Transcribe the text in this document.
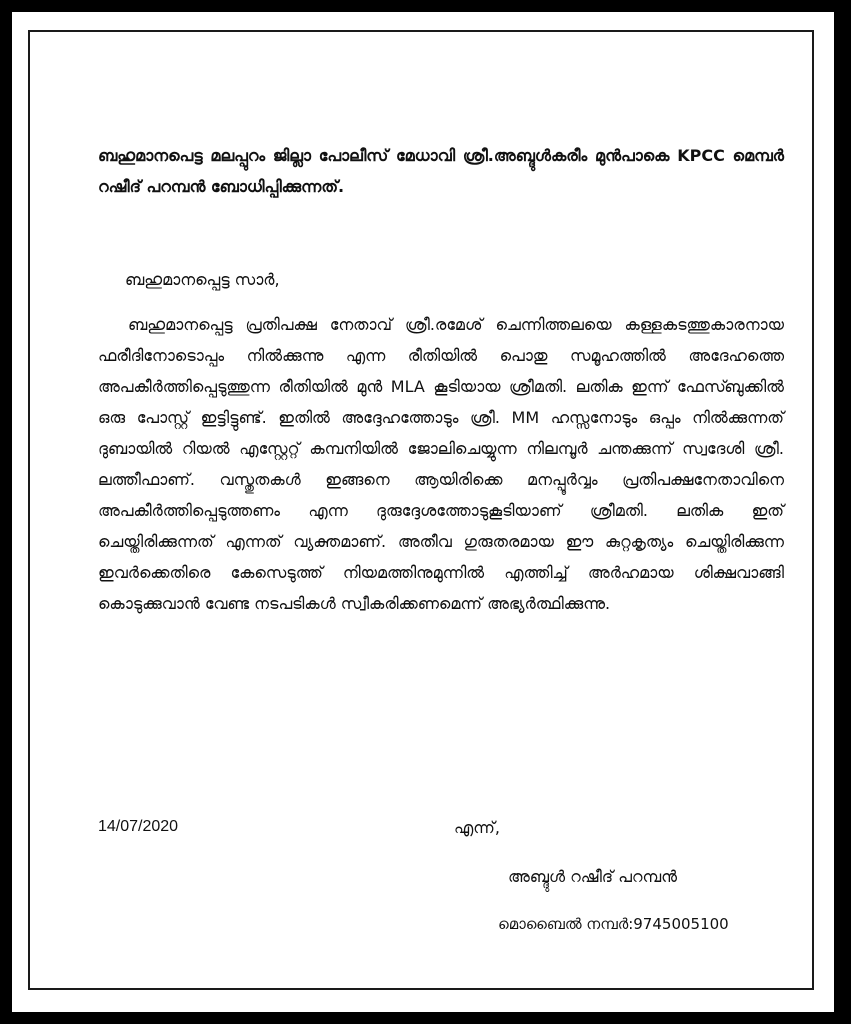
ബഹുമാനപെട്ട മലപ്പുറം ജില്ലാ പോലീസ് മേധാവി ശ്രീ.അബ്ദുൾകരീം മുൻപാകെ KPCC മെമ്പർ റഷീദ് പറമ്പൻ ബോധിപ്പിക്കുന്നത്.
ബഹുമാനപ്പെട്ട സാർ,
ബഹുമാനപ്പെട്ട പ്രതിപക്ഷ നേതാവ് ശ്രീ.രമേശ് ചെന്നിത്തലയെ കള്ളകടത്തുകാരനായ ഫരീദിനോടൊപ്പം നിൽക്കുന്നു എന്ന രീതിയിൽ പൊതു സമൂഹത്തിൽ അദേഹത്തെ അപകീർത്തിപ്പെടുത്തുന്ന രീതിയിൽ മുൻ MLA കൂടിയായ ശ്രീമതി. ലതിക ഇന്ന് ഫേസ്ബുക്കിൽ ഒരു പോസ്റ്റ് ഇട്ടിട്ടുണ്ട്. ഇതിൽ അദ്ദേഹത്തോടും ശ്രീ. MM ഹസ്സനോടും ഒപ്പം നിൽക്കുന്നത് ദുബായിൽ റിയൽ എസ്റ്റേറ്റ് കമ്പനിയിൽ ജോലിചെയ്യുന്ന നിലമ്പൂർ ചന്തക്കുന്ന് സ്വദേശി ശ്രീ. ലത്തീഫാണ്. വസ്തുതകൾ ഇങ്ങനെ ആയിരിക്കെ മനപ്പൂർവ്വം പ്രതിപക്ഷനേതാവിനെ അപകീർത്തിപ്പെടുത്തണം എന്ന ദുരുദ്ദേശത്തോടുകൂടിയാണ് ശ്രീമതി. ലതിക ഇത് ചെയ്തിരിക്കുന്നത് എന്നത് വ്യക്തമാണ്. അതീവ ഗുരുതരമായ ഈ കുറ്റകൃത്യം ചെയ്തിരിക്കുന്ന ഇവർക്കെതിരെ കേസെടുത്ത് നിയമത്തിനുമുന്നിൽ എത്തിച്ച് അർഹമായ ശിക്ഷവാങ്ങി കൊടുക്കുവാൻ വേണ്ട നടപടികൾ സ്വീകരിക്കണമെന്ന് അഭ്യർത്ഥിക്കുന്നു.
14/07/2020	എന്ന്,
അബ്ദുൾ റഷീദ് പറമ്പൻ
മൊബൈൽ നമ്പർ:9745005100
